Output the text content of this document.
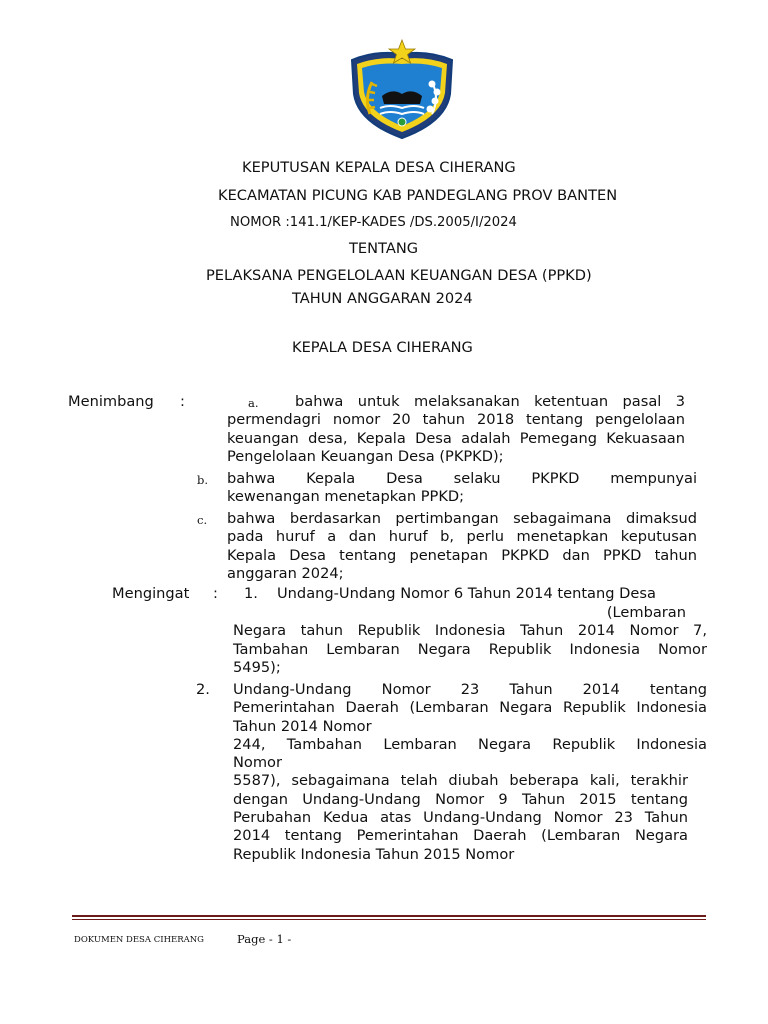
KEPUTUSAN KEPALA DESA CIHERANG
KECAMATAN PICUNG KAB PANDEGLANG PROV BANTEN
NOMOR :141.1/KEP-KADES /DS.2005/I/2024
TENTANG
PELAKSANA PENGELOLAAN KEUANGAN DESA (PPKD)
TAHUN ANGGARAN 2024
KEPALA DESA CIHERANG
Menimbang :	a.	bahwa untuk melaksanakan ketentuan pasal 3
permendagri nomor 20 tahun 2018 tentang pengelolaan
keuangan desa, Kepala Desa adalah Pemegang Kekuasaan
Pengelolaan Keuangan Desa (PKPKD);
b. bahwa Kepala Desa selaku PKPKD mempunyai
kewenangan menetapkan PPKD;
c. bahwa berdasarkan pertimbangan sebagaimana dimaksud
pada huruf a dan huruf b, perlu menetapkan keputusan
Kepala Desa tentang penetapan PKPKD dan PPKD tahun
anggaran 2024;
Mengingat : 1. Undang-Undang Nomor 6 Tahun 2014 tentang Desa
(Lembaran
Negara tahun Republik Indonesia Tahun 2014 Nomor 7,
Tambahan Lembaran Negara Republik Indonesia Nomor
5495);
2. Undang-Undang Nomor 23 Tahun 2014 tentang
Pemerintahan Daerah (Lembaran Negara Republik Indonesia
Tahun 2014 Nomor
244, Tambahan Lembaran Negara Republik Indonesia
Nomor
5587), sebagaimana telah diubah beberapa kali, terakhir
dengan Undang-Undang Nomor 9 Tahun 2015 tentang
Perubahan Kedua atas Undang-Undang Nomor 23 Tahun
2014 tentang Pemerintahan Daerah (Lembaran Negara
Republik Indonesia Tahun 2015 Nomor
DOKUMEN DESA CIHERANG	Page - 1 -
